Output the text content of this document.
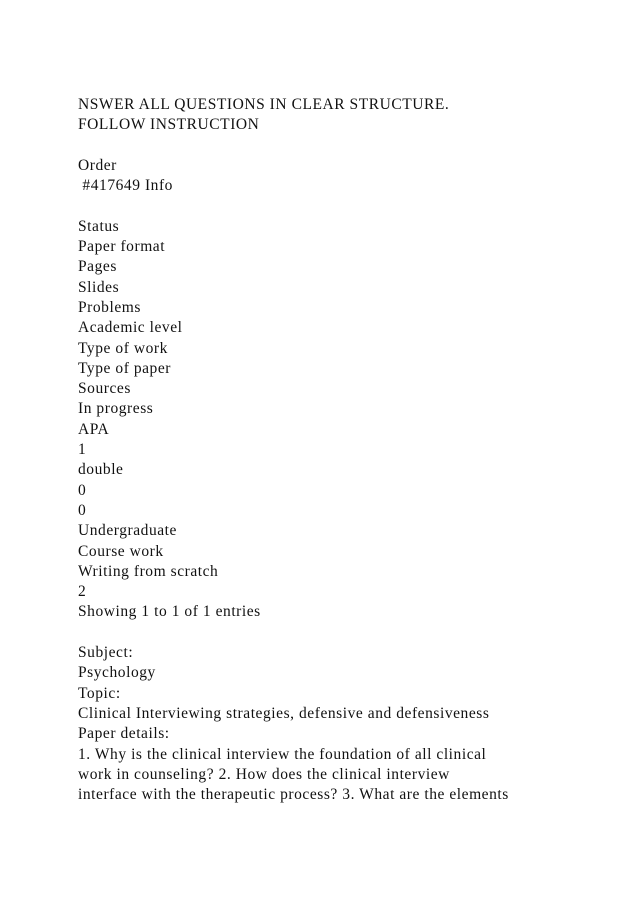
NSWER ALL QUESTIONS IN CLEAR STRUCTURE.
FOLLOW INSTRUCTION
Order
#417649 Info
Status
Paper format
Pages
Slides
Problems
Academic level
Type of work
Type of paper
Sources
In progress
APA
1
double
0
0
Undergraduate
Course work
Writing from scratch
2
Showing 1 to 1 of 1 entries
Subject:
Psychology
Topic:
Clinical Interviewing strategies, defensive and defensiveness
Paper details:
1. Why is the clinical interview the foundation of all clinical
work in counseling? 2. How does the clinical interview
interface with the therapeutic process? 3. What are the elements
